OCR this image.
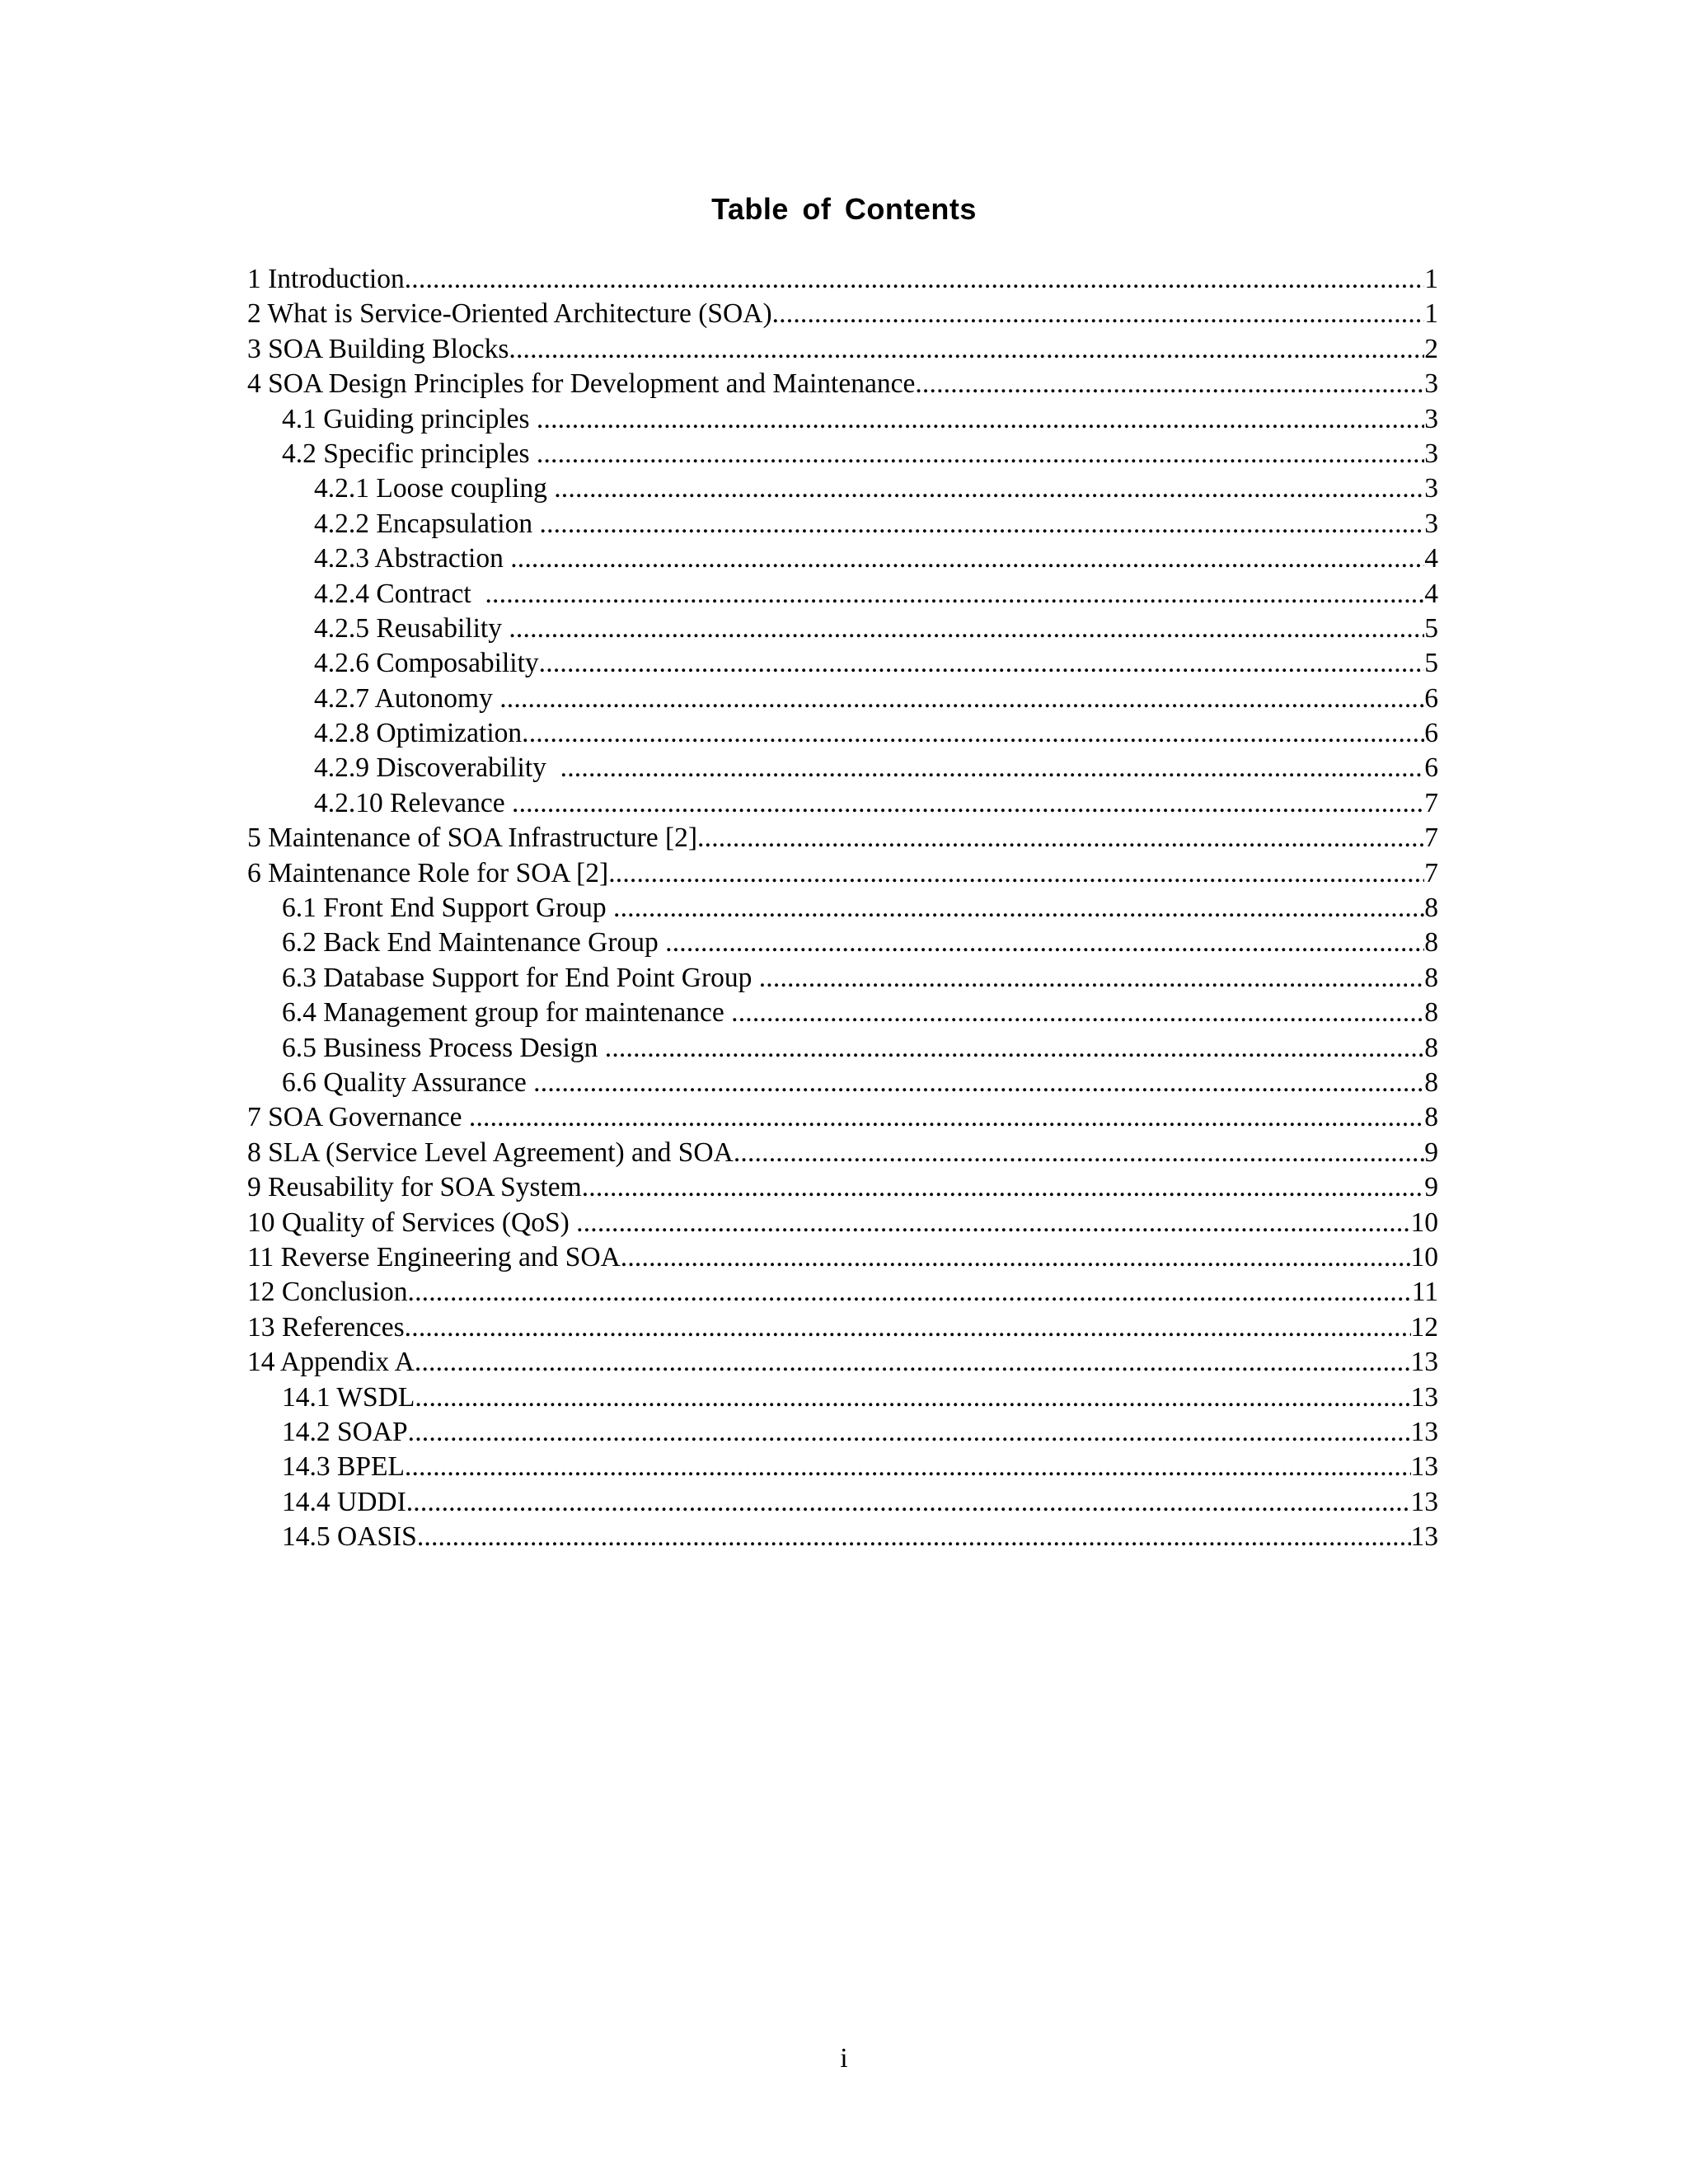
Table of Contents
1 Introduction .....	1
2 What is Service-Oriented Architecture (SOA) .....	1
3 SOA Building Blocks .....	2
4 SOA Design Principles for Development and Maintenance .....	3
4.1 Guiding principles .....	3
4.2 Specific principles .....	3
4.2.1 Loose coupling .....	3
4.2.2 Encapsulation .....	3
4.2.3 Abstraction .....	4
4.2.4 Contract .....	4
4.2.5 Reusability .....	5
4.2.6 Composability .....	5
4.2.7 Autonomy .....	6
4.2.8 Optimization .....	6
4.2.9 Discoverability .....	6
4.2.10 Relevance .....	7
5 Maintenance of SOA Infrastructure [2] .....	7
6 Maintenance Role for SOA [2] .....	7
6.1 Front End Support Group .....	8
6.2 Back End Maintenance Group .....	8
6.3 Database Support for End Point Group .....	8
6.4 Management group for maintenance .....	8
6.5 Business Process Design .....	8
6.6 Quality Assurance .....	8
7 SOA Governance .....	8
8 SLA (Service Level Agreement) and SOA .....	9
9 Reusability for SOA System .....	9
10 Quality of Services (QoS) .....	10
11 Reverse Engineering and SOA .....	10
12 Conclusion .....	11
13 References .....	12
14 Appendix A .....	13
14.1 WSDL .....	13
14.2 SOAP .....	13
14.3 BPEL .....	13
14.4 UDDI .....	13
14.5 OASIS .....	13
i
